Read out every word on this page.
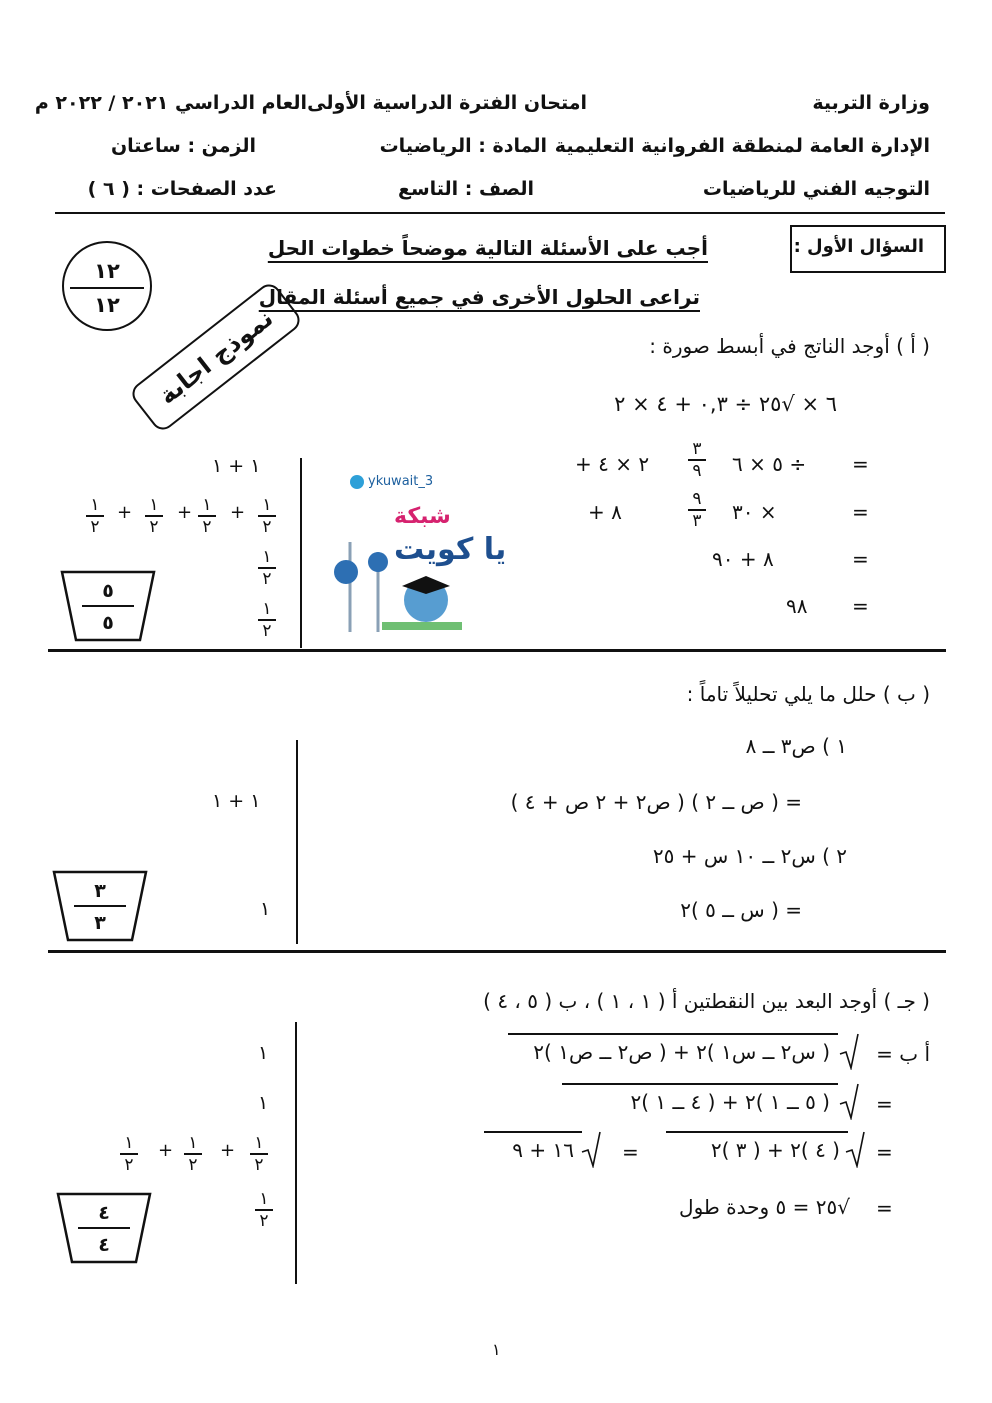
وزارة التربية
الإدارة العامة لمنطقة الفروانية التعليمية
التوجيه الفني للرياضيات
امتحان الفترة الدراسية الأولى
المادة : الرياضيات
الصف : التاسع
العام الدراسي ٢٠٢١ / ٢٠٢٢ م
الزمن : ساعتان
عدد الصفحات : ( ٦ )
١٢
١٢	نموذج اجابة
السؤال الأول :
أجب على الأسئلة التالية موضحاً خطوات الحل
تراعى الحلول الأخرى في جميع أسئلة المقال
( أ ) أوجد الناتج في أبسط صورة :
٦ × √٢٥ ÷ ٠,٣ + ٤ × ٢
=
÷ ٥ × ٦
٣
٩
٢ × ٤ +
=
× ٣٠
٩
٣
٨ +
=
٨ + ٩٠
=
٩٨
ykuwait_3
شبكة
يا كويت
١ + ١
١
٢
+
١
٢
+
١
٢
+
١
٢
١
٢
١
٢
٥
٥
( ب ) حلل ما يلي تحليلاً تاماً :
١ ) ص٣ ــ ٨
= ( ص ــ ٢ ) ( ص٢ + ٢ ص + ٤ )
٢ ) س٢ ــ ١٠ س + ٢٥
= ( س ــ ٥ )٢
١ + ١
١
٣
٣
( جـ ) أوجد البعد بين النقطتين أ ( ١ ، ١ ) ، ب ( ٥ ، ٤ )
أ ب =
( س٢ ــ س١ )٢ + ( ص٢ ــ ص١ )٢
=
( ٥ ــ ١ )٢ + ( ٤ ــ ١ )٢
=
( ٤ )٢ + ( ٣ )٢
=
١٦ + ٩
=
√٢٥ = ٥ وحدة طول
١
١
١
٢
+
١
٢
+
١
٢
١
٢
٤
٤
١
